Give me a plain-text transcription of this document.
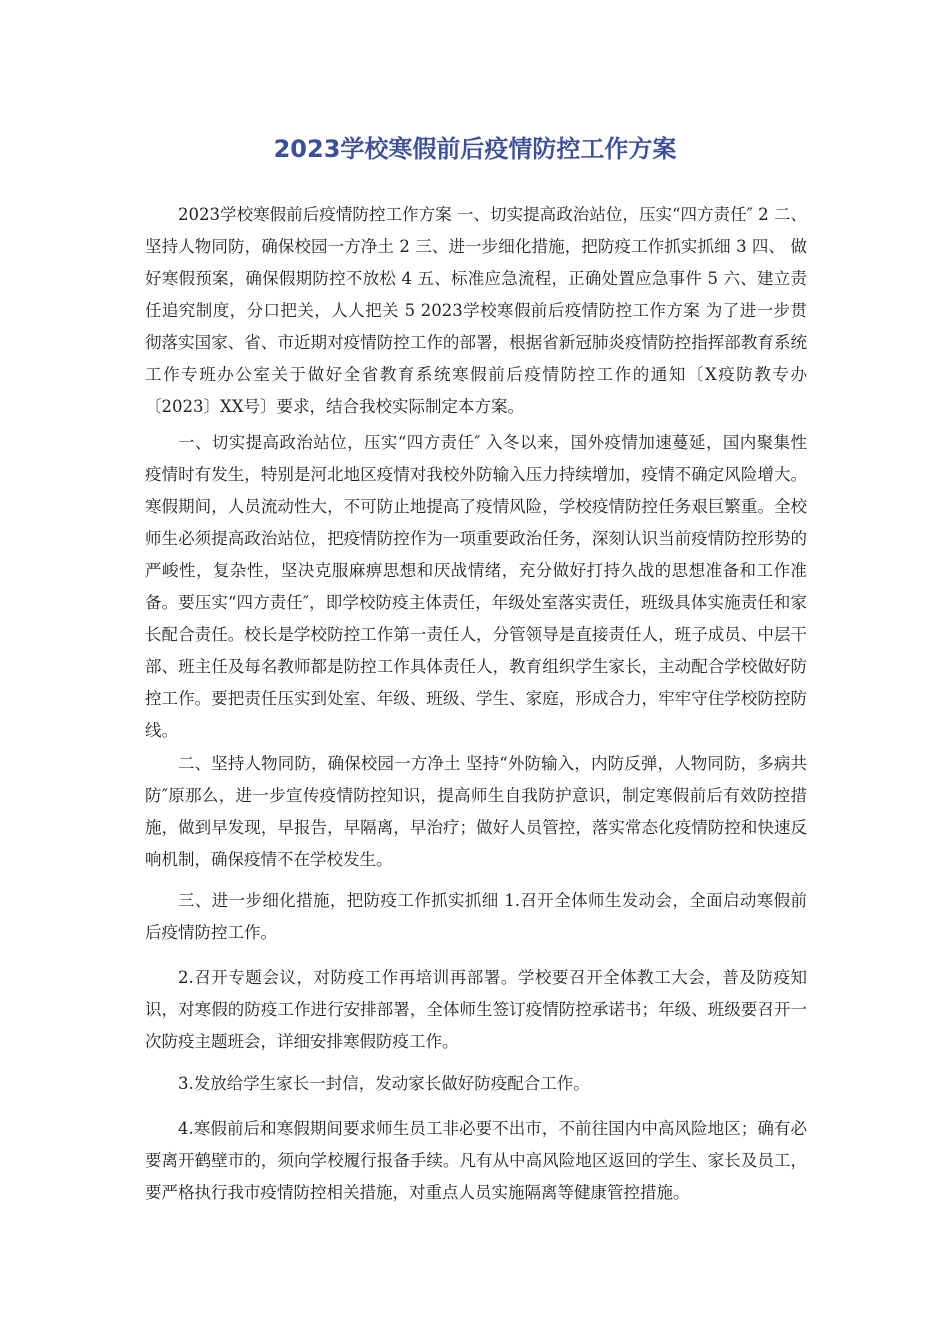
2023学校寒假前后疫情防控工作方案

2023学校寒假前后疫情防控工作方案 一、切实提高政治站位，压实“四方责任″ 2 二、坚持人物同防，确保校园一方净土 2 三、进一步细化措施，把防疫工作抓实抓细 3 四、 做好寒假预案，确保假期防控不放松 4 五、标准应急流程，正确处置应急事件 5 六、建立责任追究制度，分口把关，人人把关 5 2023学校寒假前后疫情防控工作方案 为了进一步贯彻落实国家、省、市近期对疫情防控工作的部署，根据省新冠肺炎疫情防控指挥部教育系统工作专班办公室关于做好全省教育系统寒假前后疫情防控工作的通知〔X疫防教专办〔2023〕XX号〕要求，结合我校实际制定本方案。

一、切实提高政治站位，压实“四方责任″ 入冬以来，国外疫情加速蔓延，国内聚集性疫情时有发生，特别是河北地区疫情对我校外防输入压力持续增加，疫情不确定风险增大。寒假期间，人员流动性大，不可防止地提高了疫情风险，学校疫情防控任务艰巨繁重。全校师生必须提高政治站位，把疫情防控作为一项重要政治任务，深刻认识当前疫情防控形势的严峻性，复杂性，坚决克服麻痹思想和厌战情绪，充分做好打持久战的思想准备和工作准备。要压实“四方责任″，即学校防疫主体责任，年级处室落实责任，班级具体实施责任和家长配合责任。校长是学校防控工作第一责任人，分管领导是直接责任人，班子成员、中层干部、班主任及每名教师都是防控工作具体责任人，教育组织学生家长，主动配合学校做好防控工作。要把责任压实到处室、年级、班级、学生、家庭，形成合力，牢牢守住学校防控防线。

二、坚持人物同防，确保校园一方净土 坚持“外防输入，内防反弹，人物同防，多病共防″原那么，进一步宣传疫情防控知识，提高师生自我防护意识，制定寒假前后有效防控措施，做到早发现，早报告，早隔离，早治疗；做好人员管控，落实常态化疫情防控和快速反响机制，确保疫情不在学校发生。

三、进一步细化措施，把防疫工作抓实抓细 1.召开全体师生发动会，全面启动寒假前后疫情防控工作。

2.召开专题会议，对防疫工作再培训再部署。学校要召开全体教工大会，普及防疫知识，对寒假的防疫工作进行安排部署，全体师生签订疫情防控承诺书；年级、班级要召开一次防疫主题班会，详细安排寒假防疫工作。

3.发放给学生家长一封信，发动家长做好防疫配合工作。

4.寒假前后和寒假期间要求师生员工非必要不出市，不前往国内中高风险地区；确有必要离开鹤壁市的，须向学校履行报备手续。凡有从中高风险地区返回的学生、家长及员工，要严格执行我市疫情防控相关措施，对重点人员实施隔离等健康管控措施。
